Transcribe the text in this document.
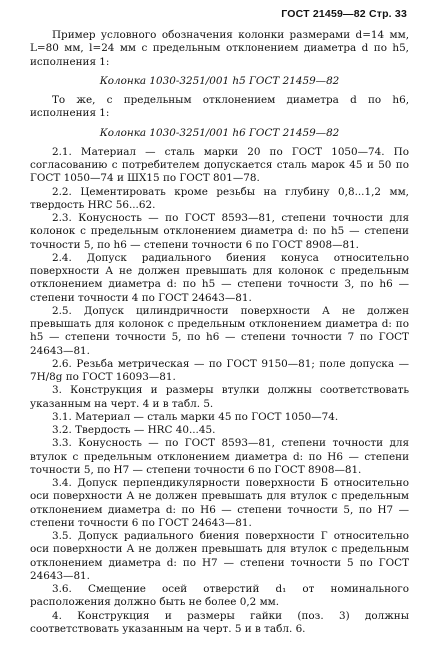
ГОСТ 21459—82 Стр. 33

Пример условного обозначения колонки размерами d=14 мм, L=80 мм, l=24 мм с предельным отклонением диаметра d по h5, исполнения 1:

Колонка 1030-3251/001 h5 ГОСТ 21459—82

То же, с предельным отклонением диаметра d по h6, исполнения 1:

Колонка 1030-3251/001 h6 ГОСТ 21459—82

2.1. Материал — сталь марки 20 по ГОСТ 1050—74. По согласованию с потребителем допускается сталь марок 45 и 50 по ГОСТ 1050—74 и ШХ15 по ГОСТ 801—78.

2.2. Цементировать кроме резьбы на глубину 0,8...1,2 мм, твердость HRC 56...62.

2.3. Конусность — по ГОСТ 8593—81, степени точности для колонок с предельным отклонением диаметра d: по h5 — степени точности 5, по h6 — степени точности 6 по ГОСТ 8908—81.

2.4. Допуск радиального биения конуса относительно поверхности А не должен превышать для колонок с предельным отклонением диаметра d: по h5 — степени точности 3, по h6 — степени точности 4 по ГОСТ 24643—81.

2.5. Допуск цилиндричности поверхности А не должен превышать для колонок с предельным отклонением диаметра d: по h5 — степени точности 5, по h6 — степени точности 7 по ГОСТ 24643—81.

2.6. Резьба метрическая — по ГОСТ 9150—81; поле допуска — 7H/8g по ГОСТ 16093—81.

3. Конструкция и размеры втулки должны соответствовать указанным на черт. 4 и в табл. 5.

3.1. Материал — сталь марки 45 по ГОСТ 1050—74.

3.2. Твердость — HRC 40...45.

3.3. Конусность — по ГОСТ 8593—81, степени точности для втулок с предельным отклонением диаметра d: по H6 — степени точности 5, по H7 — степени точности 6 по ГОСТ 8908—81.

3.4. Допуск перпендикулярности поверхности Б относительно оси поверхности А не должен превышать для втулок с предельным отклонением диаметра d: по H6 — степени точности 5, по H7 — степени точности 6 по ГОСТ 24643—81.

3.5. Допуск радиального биения поверхности Г относительно оси поверхности А не должен превышать для втулок с предельным отклонением диаметра d: по H7 — степени точности 5 по ГОСТ 24643—81.

3.6. Смещение осей отверстий d₁ от номинального расположения должно быть не более 0,2 мм.

4. Конструкция и размеры гайки (поз. 3) должны соответствовать указанным на черт. 5 и в табл. 6.
